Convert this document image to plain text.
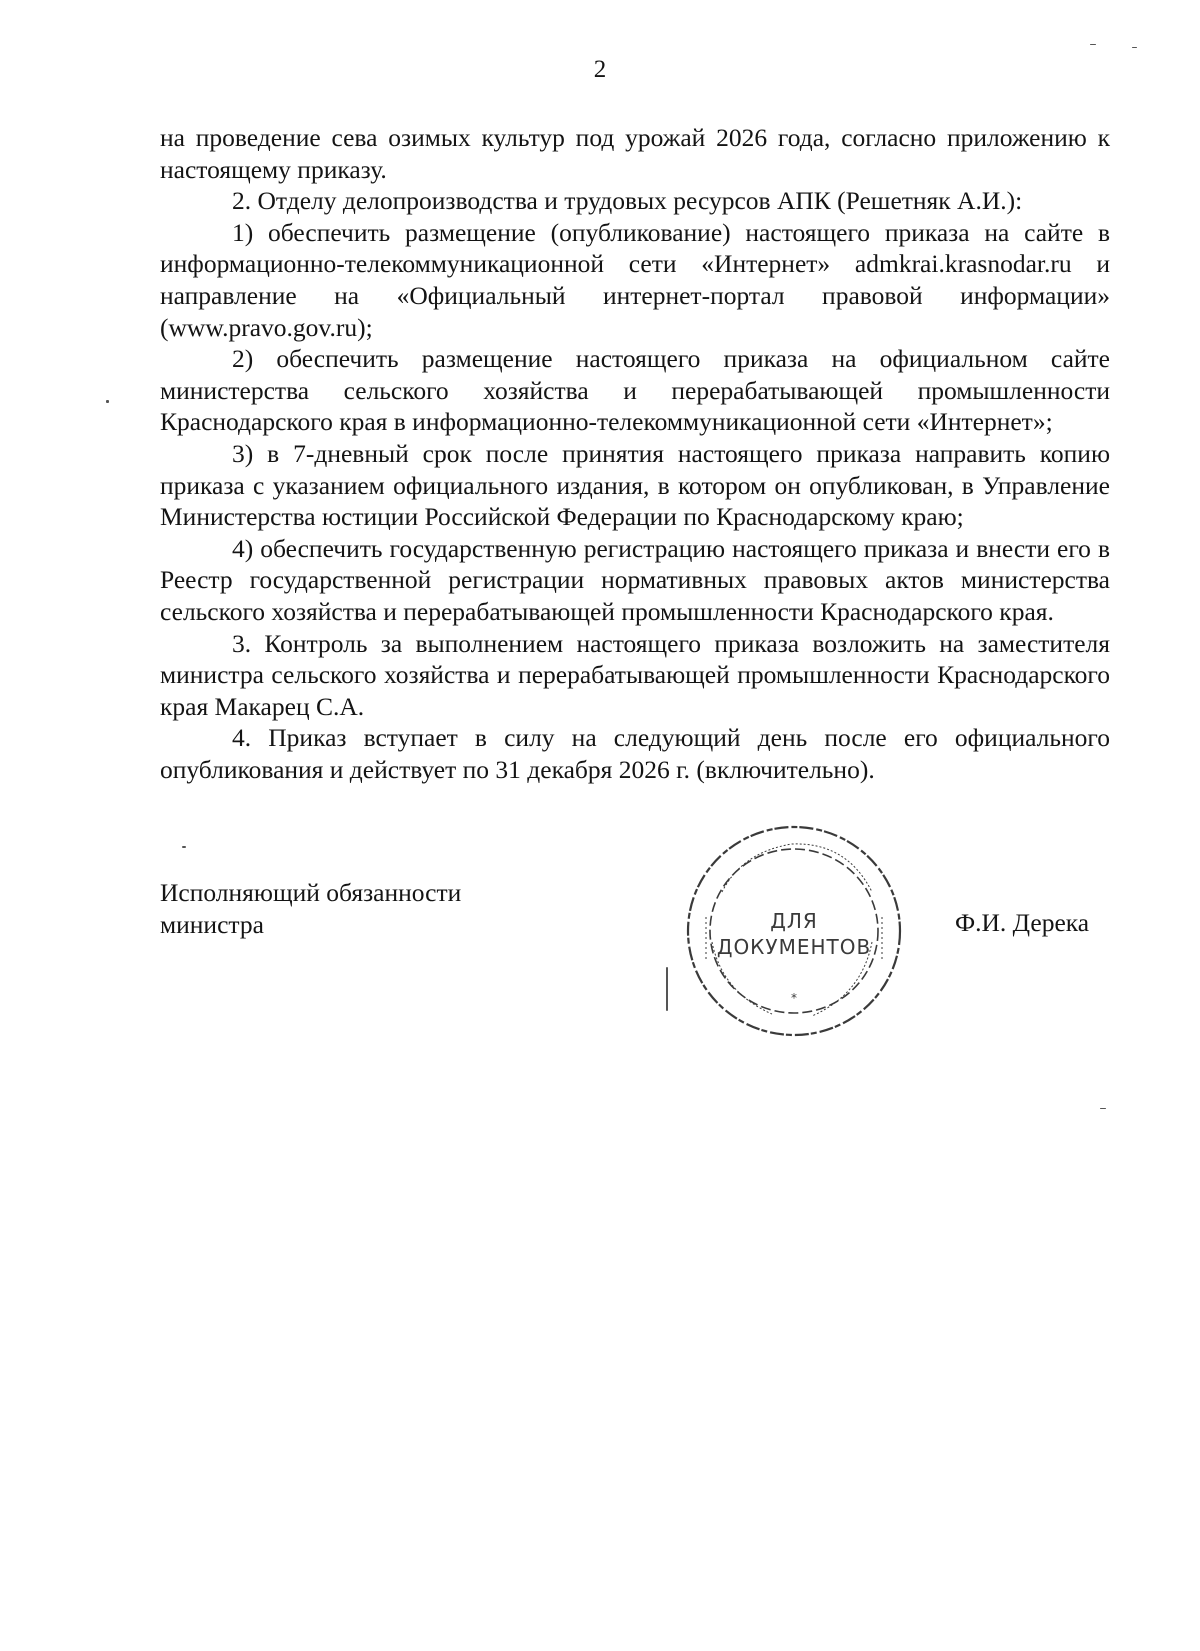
2

на проведение сева озимых культур под урожай 2026 года, согласно приложению к настоящему приказу.

2. Отделу делопроизводства и трудовых ресурсов АПК (Решетняк А.И.):

1) обеспечить размещение (опубликование) настоящего приказа на сайте в информационно-телекоммуникационной сети «Интернет» admkrai.krasnodar.ru и направление на «Официальный интернет-портал правовой информации» (www.pravo.gov.ru);

2) обеспечить размещение настоящего приказа на официальном сайте министерства сельского хозяйства и перерабатывающей промышленности Краснодарского края в информационно-телекоммуникационной сети «Интернет»;

3) в 7-дневный срок после принятия настоящего приказа направить копию приказа с указанием официального издания, в котором он опубликован, в Управление Министерства юстиции Российской Федерации по Краснодарскому краю;

4) обеспечить государственную регистрацию настоящего приказа и внести его в Реестр государственной регистрации нормативных правовых актов министерства сельского хозяйства и перерабатывающей промышленности Краснодарского края.

3. Контроль за выполнением настоящего приказа возложить на заместителя министра сельского хозяйства и перерабатывающей промышленности Краснодарского края Макарец С.А.

4. Приказ вступает в силу на следующий день после его официального опубликования и действует по 31 декабря 2026 г. (включительно).

Исполняющий обязанности
министра	ДЛЯ
ДОКУМЕНТОВ
*
Ф.И. Дерека
